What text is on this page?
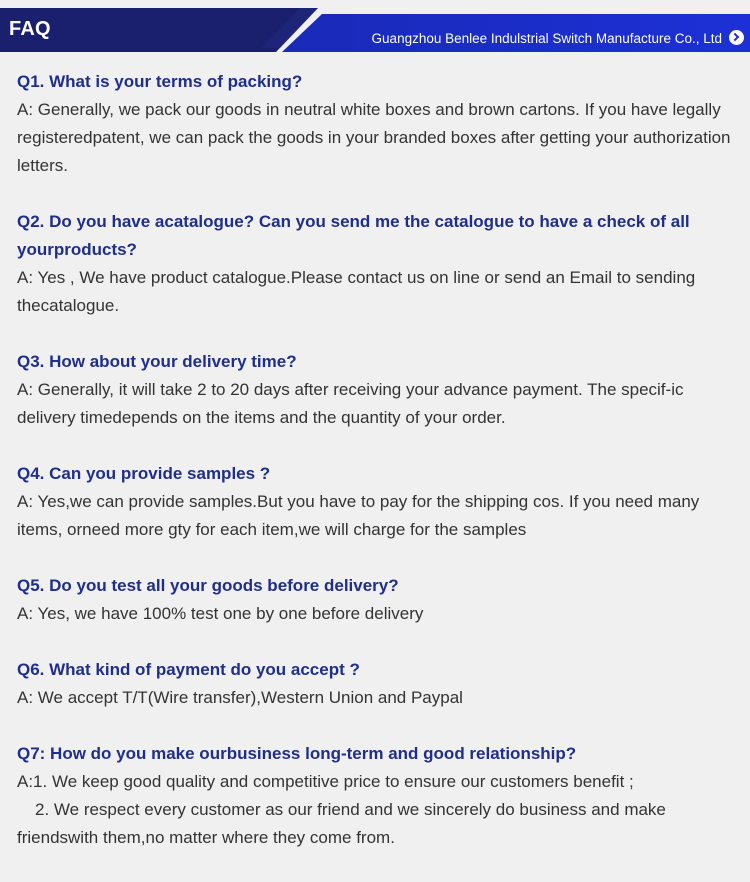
FAQ	Guangzhou Benlee Indulstrial Switch Manufacture Co., Ltd
Q1. What is your terms of packing?
A: Generally, we pack our goods in neutral white boxes and brown cartons. If you have legally registeredpatent, we can pack the goods in your branded boxes after getting your authorization letters.
Q2. Do you have acatalogue? Can you send me the catalogue to have a check of all yourproducts?
A: Yes , We have product catalogue.Please contact us on line or send an Email to sending thecatalogue.
Q3. How about your delivery time?
A: Generally, it will take 2 to 20 days after receiving your advance payment. The specif-ic delivery timedepends on the items and the quantity of your order.
Q4. Can you provide samples ?
A: Yes,we can provide samples.But you have to pay for the shipping cos. If you need many items, orneed more gty for each item,we will charge for the samples
Q5. Do you test all your goods before delivery?
A: Yes, we have 100% test one by one before delivery
Q6. What kind of payment do you accept ?
A: We accept T/T(Wire transfer),Western Union and Paypal
Q7: How do you make ourbusiness long-term and good relationship?
A:1. We keep good quality and competitive price to ensure our customers benefit ;
2. We respect every customer as our friend and we sincerely do business and make friendswith them,no matter where they come from.
